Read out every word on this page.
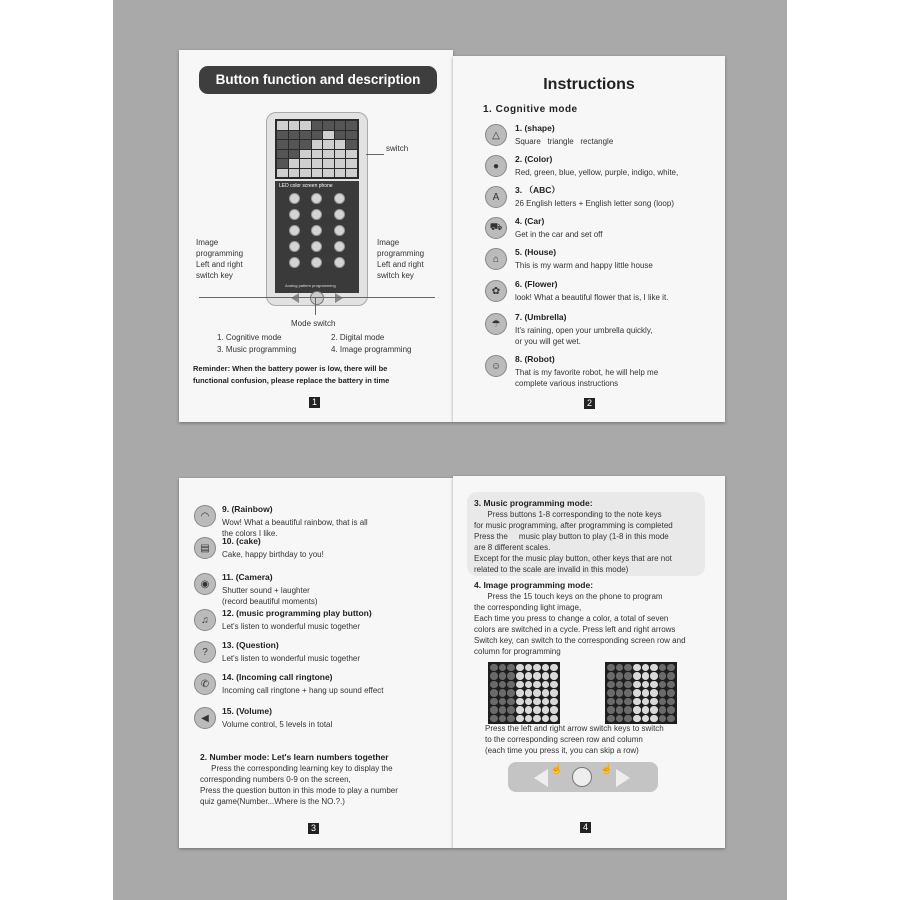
Button function and description
LED color screen phone
Analog pattern programming
switch
Image
programming
Left and right
switch key
Image
programming
Left and right
switch key
Mode switch
1. Cognitive mode	2. Digital mode
3. Music programming	4. Image programming
Reminder: When the battery power is low, there will be
functional confusion, please replace the battery in time
1
Instructions
1. Cognitive mode
△
1. (shape)
Square   triangle   rectangle
●
2. (Color)
Red, green, blue, yellow, purple, indigo, white,
A
3. （ABC）
26 English letters + English letter song (loop)
⛟
4. (Car)
Get in the car and set off
⌂
5. (House)
This is my warm and happy little house
✿
6. (Flower)
look! What a beautiful flower that is, I like it.
☂
7. (Umbrella)
It's raining, open your umbrella quickly,
or you will get wet.
☺
8. (Robot)
That is my favorite robot, he will help me
complete various instructions
2
◠
9. (Rainbow)
Wow! What a beautiful rainbow, that is all
the colors I like.
▤
10. (cake)
Cake, happy birthday to you!
◉
11. (Camera)
Shutter sound + laughter
(record beautiful moments)
♫
12. (music programming play button)
Let's listen to wonderful music together
?
13. (Question)
Let's listen to wonderful music together
✆
14. (Incoming call ringtone)
Incoming call ringtone + hang up sound effect
◀
15. (Volume)
Volume control, 5 levels in total
2. Number mode: Let's learn numbers together
Press the corresponding learning key to display the
corresponding numbers 0-9 on the screen,
Press the question button in this mode to play a number
quiz game(Number...Where is the NO.?.)
3
3. Music programming mode:
Press buttons 1-8 corresponding to the note keys
for music programming, after programming is completed
Press the     music play button to play (1-8 in this mode
are 8 different scales.
Except for the music play button, other keys that are not
related to the scale are invalid in this mode)
4. Image programming mode:
Press the 15 touch keys on the phone to program
the corresponding light image,
Each time you press to change a color, a total of seven
colors are switched in a cycle. Press left and right arrows
Switch key, can switch to the corresponding screen row and
column for programming
Press the left and right arrow switch keys to switch
to the corresponding screen row and column
(each time you press it, you can skip a row)
☝	☝
4
